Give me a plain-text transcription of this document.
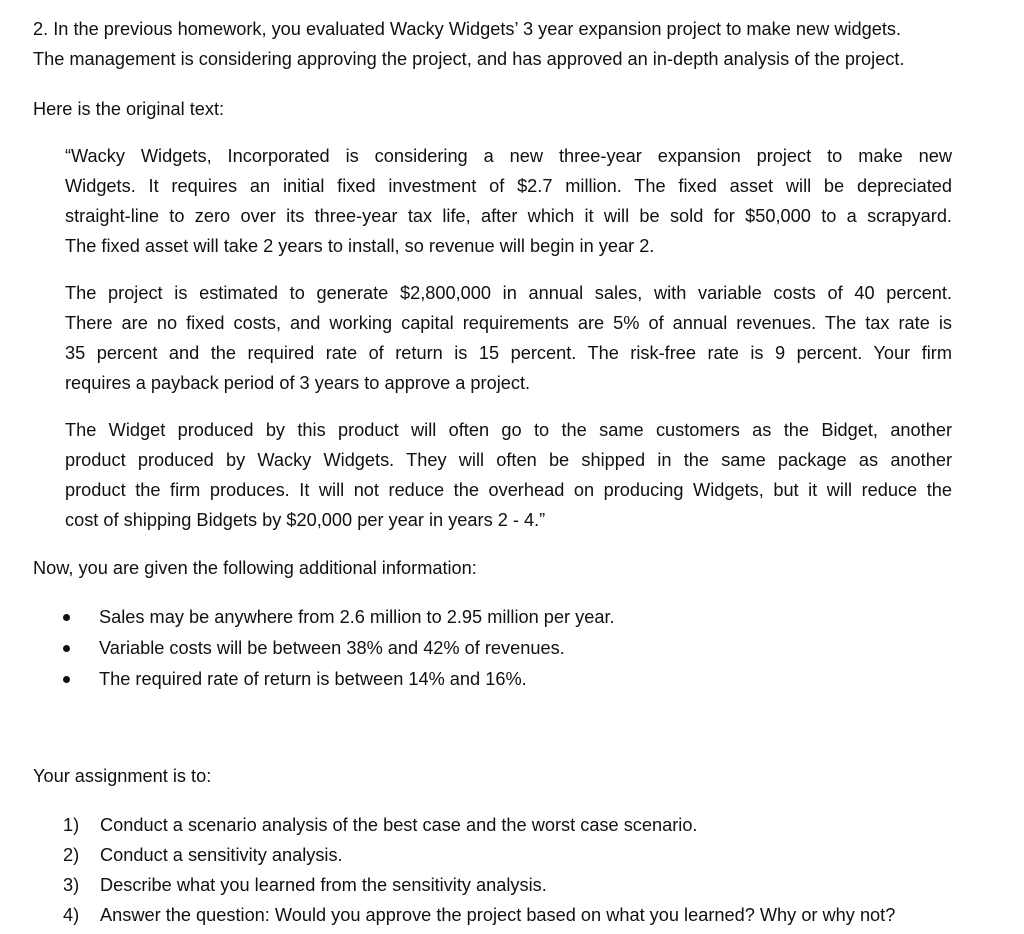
2. In the previous homework, you evaluated Wacky Widgets’ 3 year expansion project to make new widgets.
The management is considering approving the project, and has approved an in-depth analysis of the project.
Here is the original text:
“Wacky Widgets, Incorporated is considering a new three-year expansion project to make new
Widgets. It requires an initial fixed investment of $2.7 million. The fixed asset will be depreciated
straight-line to zero over its three-year tax life, after which it will be sold for $50,000 to a scrapyard.
The fixed asset will take 2 years to install, so revenue will begin in year 2.
The project is estimated to generate $2,800,000 in annual sales, with variable costs of 40 percent.
There are no fixed costs, and working capital requirements are 5% of annual revenues. The tax rate is
35 percent and the required rate of return is 15 percent. The risk-free rate is 9 percent. Your firm
requires a payback period of 3 years to approve a project.
The Widget produced by this product will often go to the same customers as the Bidget, another
product produced by Wacky Widgets. They will often be shipped in the same package as another
product the firm produces. It will not reduce the overhead on producing Widgets, but it will reduce the
cost of shipping Bidgets by $20,000 per year in years 2 - 4.”
Now, you are given the following additional information:
Sales may be anywhere from 2.6 million to 2.95 million per year.
Variable costs will be between 38% and 42% of revenues.
The required rate of return is between 14% and 16%.
Your assignment is to:
1) Conduct a scenario analysis of the best case and the worst case scenario.
2) Conduct a sensitivity analysis.
3) Describe what you learned from the sensitivity analysis.
4) Answer the question: Would you approve the project based on what you learned? Why or why not?
